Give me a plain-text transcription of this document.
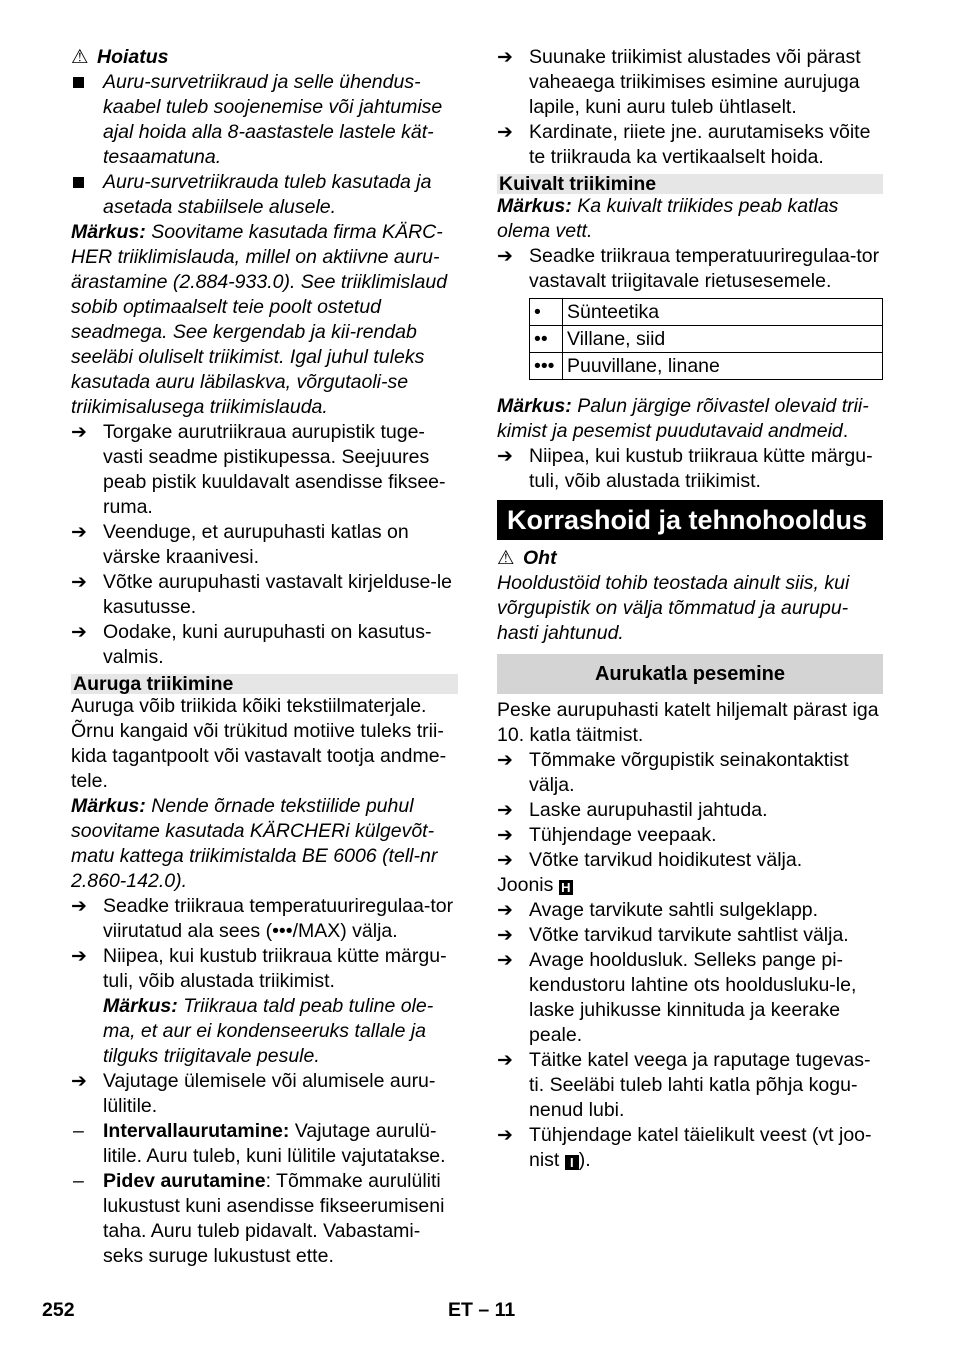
⚠ Hoiatus

Auru-survetriikraud ja selle ühendus-kaabel tuleb soojenemise või jahtumise ajal hoida alla 8-aastastele lastele kät-tesaamatuna.
Auru-survetriikrauda tuleb kasutada ja asetada stabiilsele alusele.

Märkus: Soovitame kasutada firma KÄRC-HER triiklimislauda, millel on aktiivne auru-ärastamine (2.884-933.0). See triiklimislaud sobib optimaalselt teie poolt ostetud seadmega. See kergendab ja kii-rendab seeläbi oluliselt triikimist. Igal juhul tuleks kasutada auru läbilaskva, võrgutaoli-se triikimisalusega triikimislauda.

➔ Torgake aurutriikraua aurupistik tuge-vasti seadme pistikupessa. Seejuures peab pistik kuuldavalt asendisse fiksee-ruma.
➔ Veenduge, et aurupuhasti katlas on värske kraanivesi.
➔ Võtke aurupuhasti vastavalt kirjelduse-le kasutusse.
➔ Oodake, kuni aurupuhasti on kasutus-valmis.

Auruga triikimine

Auruga võib triikida kõiki tekstiilmaterjale. Õrnu kangaid või trükitud motiive tuleks trii-kida tagantpoolt või vastavalt tootja andme-tele.

Märkus: Nende õrnade tekstiilide puhul soovitame kasutada KÄRCHERi külgevõt-matu kattega triikimistalda BE 6006 (tell-nr 2.860-142.0).

➔ Seadke triikraua temperatuuriregulaa-tor viirutatud ala sees (•••/MAX) välja.
➔ Niipea, kui kustub triikraua kütte märgu-tuli, võib alustada triikimist.
Märkus: Triikraua tald peab tuline ole-ma, et aur ei kondenseeruks tallale ja tilguks triigitavale pesule.
➔ Vajutage ülemisele või alumisele auru-lülitile.
– Intervallaurutamine: Vajutage aurulü-litile. Auru tuleb, kuni lülitile vajutatakse.
– Pidev aurutamine: Tõmmake aurulüliti lukustust kuni asendisse fikseerumiseni taha. Auru tuleb pidavalt. Vabastami-seks suruge lukustust ette.
➔ Suunake triikimist alustades või pärast vaheaega triikimises esimine aurujuga lapile, kuni auru tuleb ühtlaselt.
➔ Kardinate, riiete jne. aurutamiseks võite te triikrauda ka vertikaalselt hoida.

Kuivalt triikimine

Märkus: Ka kuivalt triikides peab katlas olema vett.

➔ Seadke triikraua temperatuuriregulaa-tor vastavalt triigitavale rietusesemele.
•	Sünteetika
••	Villane, siid
•••	Puuvillane, linane

Märkus: Palun järgige rõivastel olevaid trii-kimist ja pesemist puudutavaid andmeid.

➔ Niipea, kui kustub triikraua kütte märgu-tuli, võib alustada triikimist.

Korrashoid ja tehnohooldus

⚠ Oht

Hooldustöid tohib teostada ainult siis, kui võrgupistik on välja tõmmatud ja aurupu-hasti jahtunud.

Aurukatla pesemine

Peske aurupuhasti katelt hiljemalt pärast iga 10. katla täitmist.

➔ Tõmmake võrgupistik seinakontaktist välja.
➔ Laske aurupuhastil jahtuda.
➔ Tühjendage veepaak.
➔ Võtke tarvikud hoidikutest välja.

Joonis H

➔ Avage tarvikute sahtli sulgeklapp.
➔ Võtke tarvikud tarvikute sahtlist välja.
➔ Avage hooldusluk. Selleks pange pi-kendustoru lahtine ots hooldusluku-le, laske juhikusse kinnituda ja keerake peale.
➔ Täitke katel veega ja raputage tugevas-ti. Seeläbi tuleb lahti katla põhja kogu-nenud lubi.
➔ Tühjendage katel täielikult veest (vt joo-nist I ).
252	ET – 11
